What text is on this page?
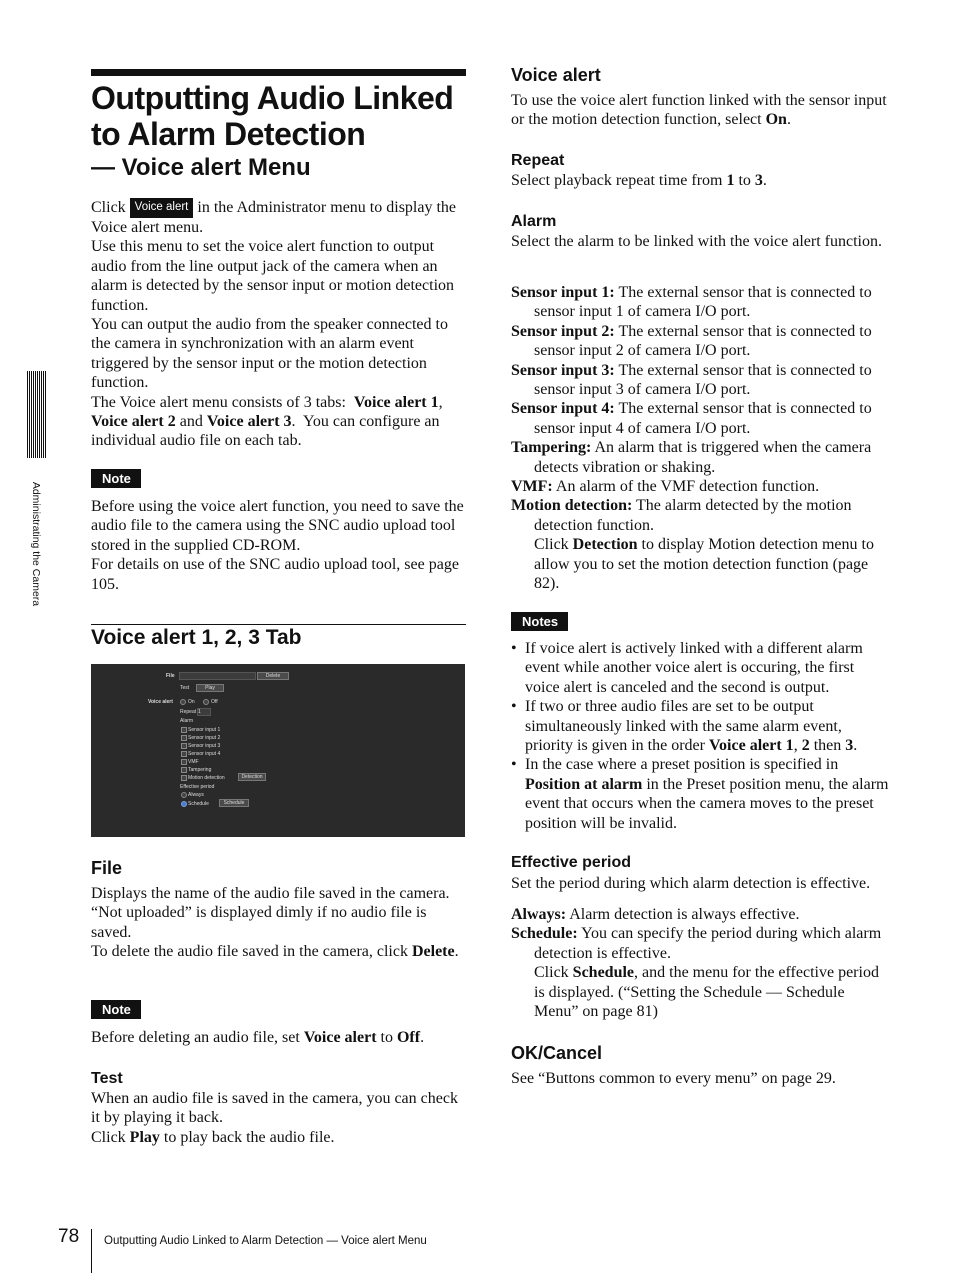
Outputting Audio Linked
to Alarm Detection
— Voice alert Menu

Click Voice alert in the Administrator menu to display the Voice alert menu.

Use this menu to set the voice alert function to output audio from the line output jack of the camera when an alarm is detected by the sensor input or motion detection function.

You can output the audio from the speaker connected to the camera in synchronization with an alarm event triggered by the sensor input or the motion detection function.

The Voice alert menu consists of 3 tabs: Voice alert 1, Voice alert 2 and Voice alert 3.  You can configure an individual audio file on each tab.

Note

Before using the voice alert function, you need to save the audio file to the camera using the SNC audio upload tool stored in the supplied CD-ROM.

For details on use of the SNC audio upload tool, see page 105.

Voice alert 1, 2, 3 Tab
File	Delete
Test	Play
Voice alert	On	Off
Repeat 1
Alarm
Sensor input 1
Sensor input 2
Sensor input 3
Sensor input 4
VMF
Tampering
Motion detection	Detection
Effective period
Always
Schedule	Schedule
File

Displays the name of the audio file saved in the camera. “Not uploaded” is displayed dimly if no audio file is saved.

To delete the audio file saved in the camera, click Delete.

Note

Before deleting an audio file, set Voice alert to Off.

Test

When an audio file is saved in the camera, you can check it by playing it back.

Click Play to play back the audio file.

Voice alert

To use the voice alert function linked with the sensor input or the motion detection function, select On.

Repeat

Select playback repeat time from 1 to 3.

Alarm
Select the alarm to be linked with the voice alert function.

Sensor input 1: The external sensor that is connected to sensor input 1 of camera I/O port.

Sensor input 2: The external sensor that is connected to sensor input 2 of camera I/O port.

Sensor input 3: The external sensor that is connected to sensor input 3 of camera I/O port.

Sensor input 4: The external sensor that is connected to sensor input 4 of camera I/O port.

Tampering: An alarm that is triggered when the camera detects vibration or shaking.

VMF: An alarm of the VMF detection function.

Motion detection: The alarm detected by the motion detection function.

Click Detection to display Motion detection menu to allow you to set the motion detection function (page 82).

Notes

• If voice alert is actively linked with a different alarm event while another voice alert is occuring, the first voice alert is canceled and the second is output.

• If two or three audio files are set to be output simultaneously linked with the same alarm event, priority is given in the order Voice alert 1, 2 then 3.

• In the case where a preset position is specified in Position at alarm in the Preset position menu, the alarm event that occurs when the camera moves to the preset position will be invalid.

Effective period
Set the period during which alarm detection is effective.

Always: Alarm detection is always effective.

Schedule: You can specify the period during which alarm detection is effective.

Click Schedule, and the menu for the effective period is displayed. (“Setting the Schedule — Schedule Menu” on page 81)

OK/Cancel
See “Buttons common to every menu” on page 29.
Administrating the Camera
78 Outputting Audio Linked to Alarm Detection — Voice alert Menu
